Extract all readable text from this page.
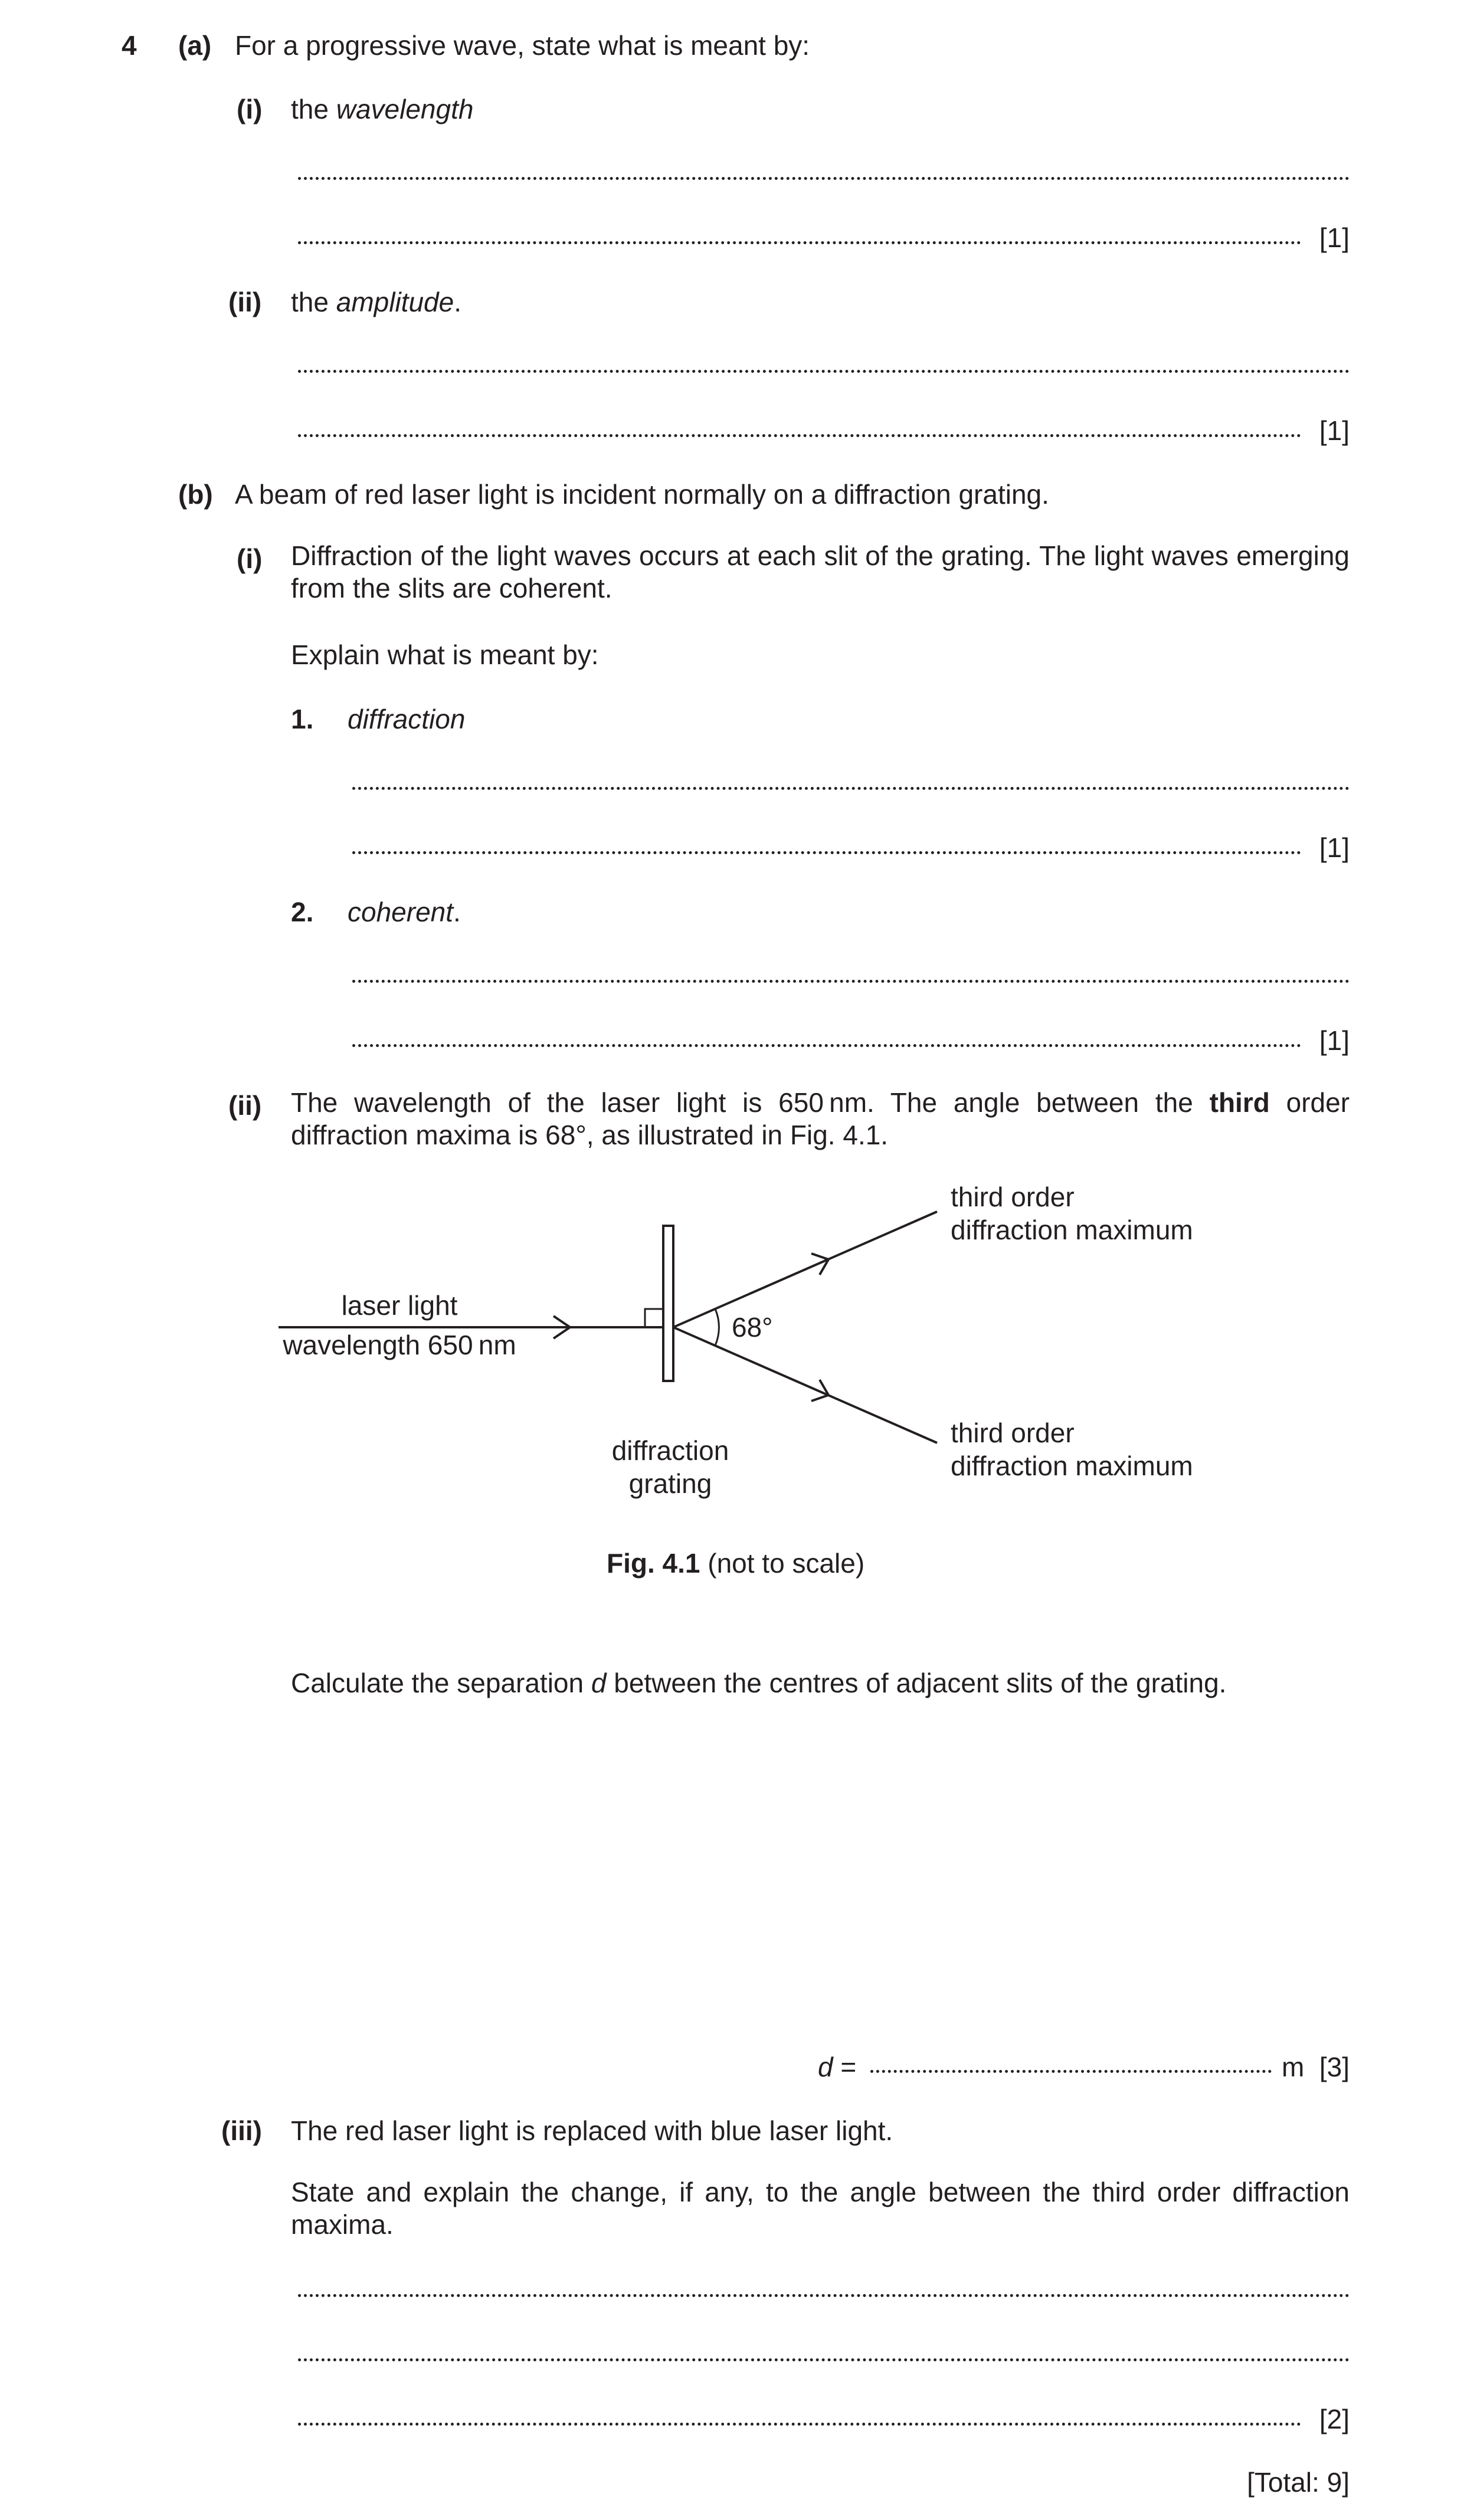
4 (a) For a progressive wave, state what is meant by:
(i) the wavelength
[1]
(ii) the amplitude.
[1]
(b) A beam of red laser light is incident normally on a diffraction grating.
(i) Diffraction of the light waves occurs at each slit of the grating. The light waves emerging from the slits are coherent.
Explain what is meant by:
1. diffraction
[1]
2. coherent.
[1]
(ii) The wavelength of the laser light is 650 nm. The angle between the third order diffraction maxima is 68°, as illustrated in Fig. 4.1.
laser light
wavelength 650 nm
68°
third order
diffraction maximum
third order
diffraction maximum
diffraction
grating
Fig. 4.1 (not to scale)
Calculate the separation d between the centres of adjacent slits of the grating.
d =	m [3]
(iii) The red laser light is replaced with blue laser light.
State and explain the change, if any, to the angle between the third order diffraction maxima.
[2]
[Total: 9]
